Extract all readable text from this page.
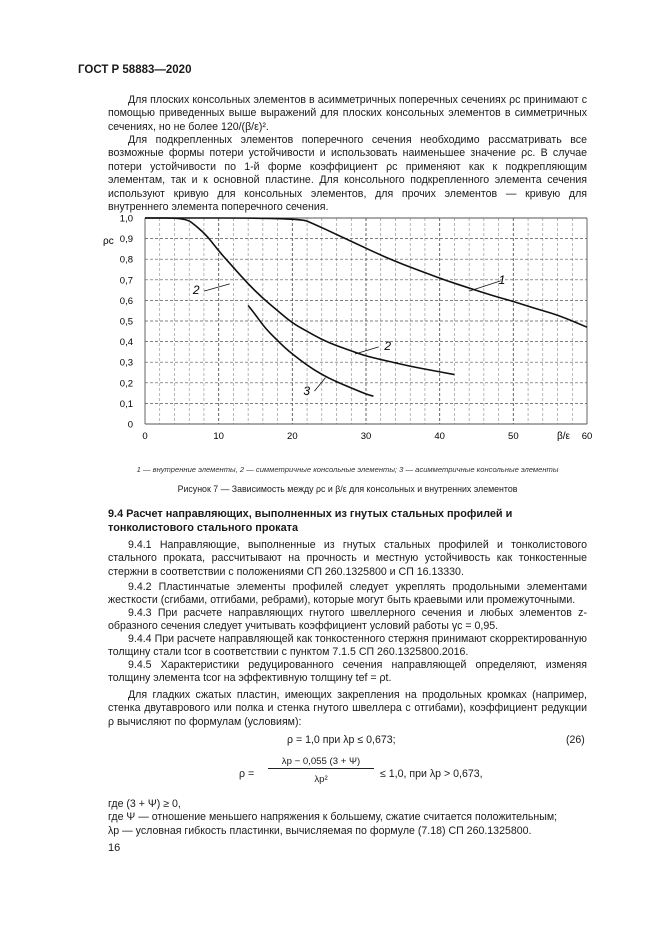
ГОСТ Р 58883—2020

Для плоских консольных элементов в асимметричных поперечных сечениях ρc принимают с помощью приведенных выше выражений для плоских консольных элементов в симметричных сечениях, но не более 120/(β/ε)².

Для подкрепленных элементов поперечного сечения необходимо рассматривать все возможные формы потери устойчивости и использовать наименьшее значение ρc. В случае потери устойчивости по 1-й форме коэффициент ρc применяют как к подкрепляющим элементам, так и к основной пластине. Для консольного подкрепленного элемента сечения используют кривую для консольных элементов, для прочих элементов — кривую для внутреннего элемента поперечного сечения.

0
0,1
0,2
0,3
0,4
0,5
0,6
0,7
0,8
0,9
1,0
0	10	20	30	40	50	60
1
2
3
2
ρc
β/ε
1 — внутренние элементы, 2 — симметричные консольные элементы; 3 — асимметричные консольные элементы
Рисунок 7 — Зависимость между ρc и β/ε для консольных и внутренних элементов

9.4 Расчет направляющих, выполненных из гнутых стальных профилей и тонколистового стального проката

9.4.1 Направляющие, выполненные из гнутых стальных профилей и тонколистового стального проката, рассчитывают на прочность и местную устойчивость как тонкостенные стержни в соответствии с положениями СП 260.1325800 и СП 16.13330.

9.4.2 Пластинчатые элементы профилей следует укреплять продольными элементами жесткости (сгибами, отгибами, ребрами), которые могут быть краевыми или промежуточными.

9.4.3 При расчете направляющих гнутого швеллерного сечения и любых элементов z-образного сечения следует учитывать коэффициент условий работы γc = 0,95.

9.4.4 При расчете направляющей как тонкостенного стержня принимают скорректированную толщину стали tcor в соответствии с пунктом 7.1.5 СП 260.1325800.2016.

9.4.5 Характеристики редуцированного сечения направляющей определяют, изменяя толщину элемента tcor на эффективную толщину tef = ρt.

Для гладких сжатых пластин, имеющих закрепления на продольных кромках (например, стенка двутаврового или полка и стенка гнутого швеллера с отгибами), коэффициент редукции ρ вычисляют по формулам (условиям):

ρ = 1,0 при λp ≤ 0,673;	(26)
ρ =
λp − 0,055 (3 + Ψ)
λp²	≤ 1,0, при λp > 0,673,
где (3 + Ψ) ≥ 0,
где Ψ — отношение меньшего напряжения к большему, сжатие считается положительным;
λp — условная гибкость пластинки, вычисляемая по формуле (7.18) СП 260.1325800.
16
